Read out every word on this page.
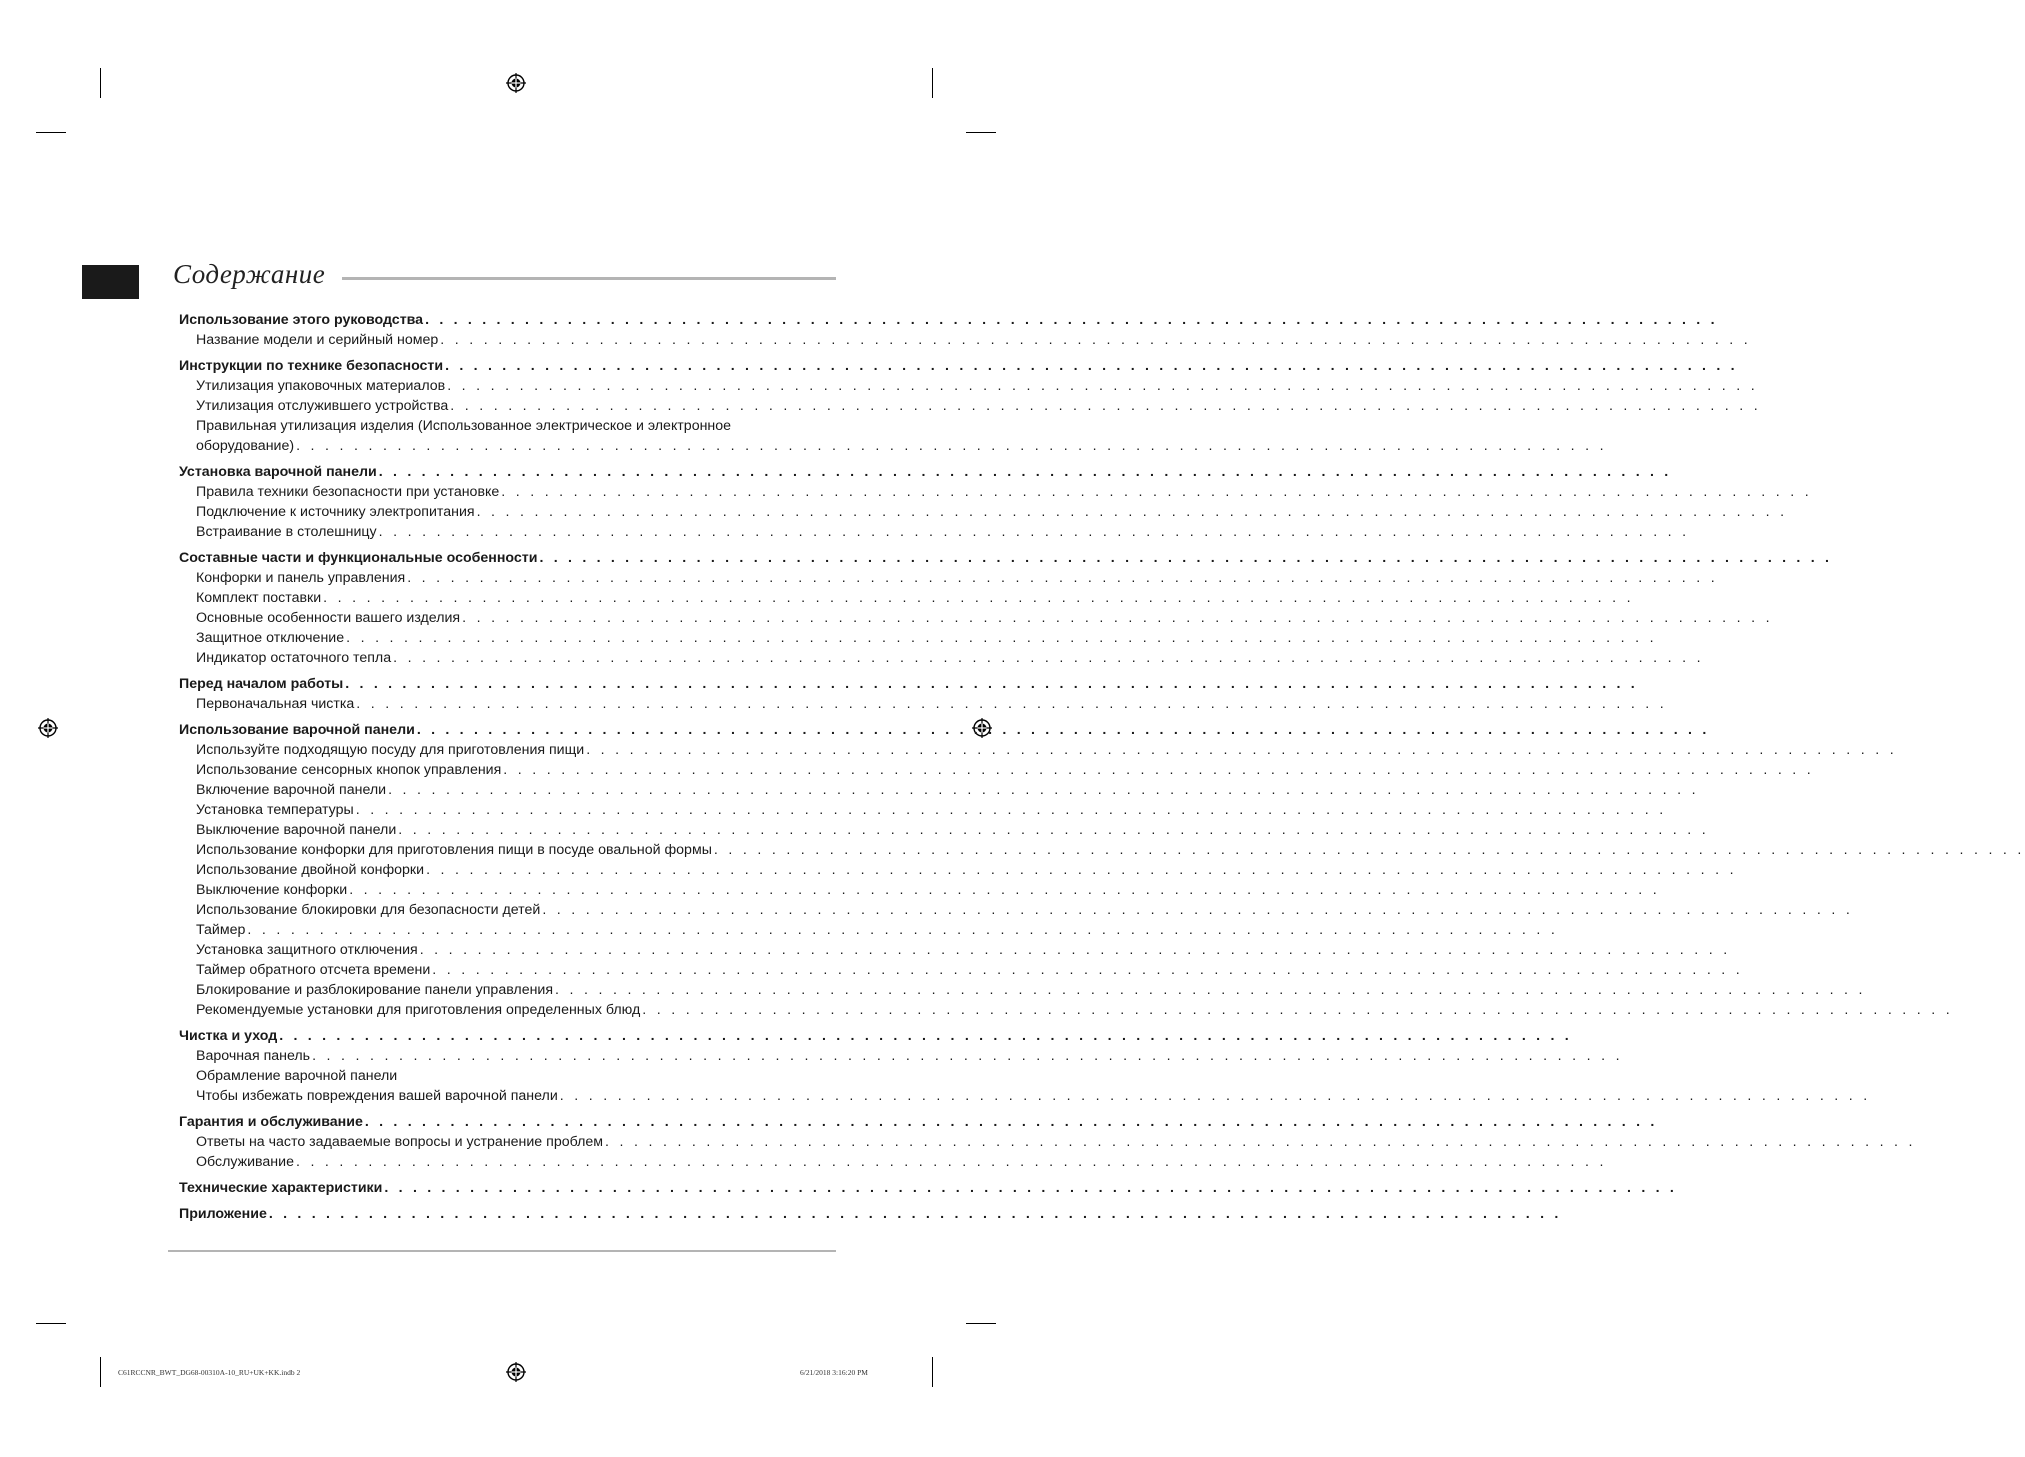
Содержание
Использование этого руководства . . . . . . . . . . . . . . . . . . . . . . . . . . . . . . . . . . . . . . . . . . . . . . . . . . . . . . . . . . . . . . . . . . . . . . . . . . . . . . . . . . . . . . . . . . .
Название модели и серийный номер . . . . . . . . . . . . . . . . . . . . . . . . . . . . . . . . . . . . . . . . . . . . . . . . . . . . . . . . . . . . . . . . . . . . . . . . . . . . . . . . . . . . . . . . . . .
Инструкции по технике безопасности . . . . . . . . . . . . . . . . . . . . . . . . . . . . . . . . . . . . . . . . . . . . . . . . . . . . . . . . . . . . . . . . . . . . . . . . . . . . . . . . . . . . . . . . . . .
Утилизация упаковочных материалов . . . . . . . . . . . . . . . . . . . . . . . . . . . . . . . . . . . . . . . . . . . . . . . . . . . . . . . . . . . . . . . . . . . . . . . . . . . . . . . . . . . . . . . . . . .
Утилизация отслужившего устройства . . . . . . . . . . . . . . . . . . . . . . . . . . . . . . . . . . . . . . . . . . . . . . . . . . . . . . . . . . . . . . . . . . . . . . . . . . . . . . . . . . . . . . . . . . .
Правильная утилизация изделия (Использованное электрическое и электронное
оборудование) . . . . . . . . . . . . . . . . . . . . . . . . . . . . . . . . . . . . . . . . . . . . . . . . . . . . . . . . . . . . . . . . . . . . . . . . . . . . . . . . . . . . . . . . . . .
Установка варочной панели . . . . . . . . . . . . . . . . . . . . . . . . . . . . . . . . . . . . . . . . . . . . . . . . . . . . . . . . . . . . . . . . . . . . . . . . . . . . . . . . . . . . . . . . . . .
Правила техники безопасности при установке . . . . . . . . . . . . . . . . . . . . . . . . . . . . . . . . . . . . . . . . . . . . . . . . . . . . . . . . . . . . . . . . . . . . . . . . . . . . . . . . . . . . . . . . . . .
Подключение к источнику электропитания . . . . . . . . . . . . . . . . . . . . . . . . . . . . . . . . . . . . . . . . . . . . . . . . . . . . . . . . . . . . . . . . . . . . . . . . . . . . . . . . . . . . . . . . . . .
Встраивание в столешницу . . . . . . . . . . . . . . . . . . . . . . . . . . . . . . . . . . . . . . . . . . . . . . . . . . . . . . . . . . . . . . . . . . . . . . . . . . . . . . . . . . . . . . . . . . .
Составные части и функциональные особенности . . . . . . . . . . . . . . . . . . . . . . . . . . . . . . . . . . . . . . . . . . . . . . . . . . . . . . . . . . . . . . . . . . . . . . . . . . . . . . . . . . . . . . . . . . .
Конфорки и панель управления . . . . . . . . . . . . . . . . . . . . . . . . . . . . . . . . . . . . . . . . . . . . . . . . . . . . . . . . . . . . . . . . . . . . . . . . . . . . . . . . . . . . . . . . . . .
Комплект поставки . . . . . . . . . . . . . . . . . . . . . . . . . . . . . . . . . . . . . . . . . . . . . . . . . . . . . . . . . . . . . . . . . . . . . . . . . . . . . . . . . . . . . . . . . . .
Основные особенности вашего изделия . . . . . . . . . . . . . . . . . . . . . . . . . . . . . . . . . . . . . . . . . . . . . . . . . . . . . . . . . . . . . . . . . . . . . . . . . . . . . . . . . . . . . . . . . . .
Защитное отключение . . . . . . . . . . . . . . . . . . . . . . . . . . . . . . . . . . . . . . . . . . . . . . . . . . . . . . . . . . . . . . . . . . . . . . . . . . . . . . . . . . . . . . . . . . .
Индикатор остаточного тепла . . . . . . . . . . . . . . . . . . . . . . . . . . . . . . . . . . . . . . . . . . . . . . . . . . . . . . . . . . . . . . . . . . . . . . . . . . . . . . . . . . . . . . . . . . .
Перед началом работы . . . . . . . . . . . . . . . . . . . . . . . . . . . . . . . . . . . . . . . . . . . . . . . . . . . . . . . . . . . . . . . . . . . . . . . . . . . . . . . . . . . . . . . . . . .
Первоначальная чистка . . . . . . . . . . . . . . . . . . . . . . . . . . . . . . . . . . . . . . . . . . . . . . . . . . . . . . . . . . . . . . . . . . . . . . . . . . . . . . . . . . . . . . . . . . .
Использование варочной панели . . . . . . . . . . . . . . . . . . . . . . . . . . . . . . . . . . . . . . . . . . . . . . . . . . . . . . . . . . . . . . . . . . . . . . . . . . . . . . . . . . . . . . . . . . .
Используйте подходящую посуду для приготовления пищи . . . . . . . . . . . . . . . . . . . . . . . . . . . . . . . . . . . . . . . . . . . . . . . . . . . . . . . . . . . . . . . . . . . . . . . . . . . . . . . . . . . . . . . . . . .
Использование сенсорных кнопок управления . . . . . . . . . . . . . . . . . . . . . . . . . . . . . . . . . . . . . . . . . . . . . . . . . . . . . . . . . . . . . . . . . . . . . . . . . . . . . . . . . . . . . . . . . . .
Включение варочной панели . . . . . . . . . . . . . . . . . . . . . . . . . . . . . . . . . . . . . . . . . . . . . . . . . . . . . . . . . . . . . . . . . . . . . . . . . . . . . . . . . . . . . . . . . . .
Установка температуры . . . . . . . . . . . . . . . . . . . . . . . . . . . . . . . . . . . . . . . . . . . . . . . . . . . . . . . . . . . . . . . . . . . . . . . . . . . . . . . . . . . . . . . . . . .
Выключение варочной панели . . . . . . . . . . . . . . . . . . . . . . . . . . . . . . . . . . . . . . . . . . . . . . . . . . . . . . . . . . . . . . . . . . . . . . . . . . . . . . . . . . . . . . . . . . .
Использование конфорки для приготовления пищи в посуде овальной формы . . . . . . . . . . . . . . . . . . . . . . . . . . . . . . . . . . . . . . . . . . . . . . . . . . . . . . . . . . . . . . . . . . . . . . . . . . . . . . . . . . . . . . . . . . .
Использование двойной конфорки . . . . . . . . . . . . . . . . . . . . . . . . . . . . . . . . . . . . . . . . . . . . . . . . . . . . . . . . . . . . . . . . . . . . . . . . . . . . . . . . . . . . . . . . . . .
Выключение конфорки . . . . . . . . . . . . . . . . . . . . . . . . . . . . . . . . . . . . . . . . . . . . . . . . . . . . . . . . . . . . . . . . . . . . . . . . . . . . . . . . . . . . . . . . . . .
Использование блокировки для безопасности детей . . . . . . . . . . . . . . . . . . . . . . . . . . . . . . . . . . . . . . . . . . . . . . . . . . . . . . . . . . . . . . . . . . . . . . . . . . . . . . . . . . . . . . . . . . .
Таймер . . . . . . . . . . . . . . . . . . . . . . . . . . . . . . . . . . . . . . . . . . . . . . . . . . . . . . . . . . . . . . . . . . . . . . . . . . . . . . . . . . . . . . . . . . .
Установка защитного отключения . . . . . . . . . . . . . . . . . . . . . . . . . . . . . . . . . . . . . . . . . . . . . . . . . . . . . . . . . . . . . . . . . . . . . . . . . . . . . . . . . . . . . . . . . . .
Таймер обратного отсчета времени . . . . . . . . . . . . . . . . . . . . . . . . . . . . . . . . . . . . . . . . . . . . . . . . . . . . . . . . . . . . . . . . . . . . . . . . . . . . . . . . . . . . . . . . . . .
Блокирование и разблокирование панели управления . . . . . . . . . . . . . . . . . . . . . . . . . . . . . . . . . . . . . . . . . . . . . . . . . . . . . . . . . . . . . . . . . . . . . . . . . . . . . . . . . . . . . . . . . . .
Рекомендуемые установки для приготовления определенных блюд . . . . . . . . . . . . . . . . . . . . . . . . . . . . . . . . . . . . . . . . . . . . . . . . . . . . . . . . . . . . . . . . . . . . . . . . . . . . . . . . . . . . . . . . . . .
Чистка и уход . . . . . . . . . . . . . . . . . . . . . . . . . . . . . . . . . . . . . . . . . . . . . . . . . . . . . . . . . . . . . . . . . . . . . . . . . . . . . . . . . . . . . . . . . . .
Варочная панель . . . . . . . . . . . . . . . . . . . . . . . . . . . . . . . . . . . . . . . . . . . . . . . . . . . . . . . . . . . . . . . . . . . . . . . . . . . . . . . . . . . . . . . . . . .
Обрамление варочной панели
Чтобы избежать повреждения вашей варочной панели . . . . . . . . . . . . . . . . . . . . . . . . . . . . . . . . . . . . . . . . . . . . . . . . . . . . . . . . . . . . . . . . . . . . . . . . . . . . . . . . . . . . . . . . . . .
Гарантия и обслуживание . . . . . . . . . . . . . . . . . . . . . . . . . . . . . . . . . . . . . . . . . . . . . . . . . . . . . . . . . . . . . . . . . . . . . . . . . . . . . . . . . . . . . . . . . . .
Ответы на часто задаваемые вопросы и устранение проблем . . . . . . . . . . . . . . . . . . . . . . . . . . . . . . . . . . . . . . . . . . . . . . . . . . . . . . . . . . . . . . . . . . . . . . . . . . . . . . . . . . . . . . . . . . .
Обслуживание . . . . . . . . . . . . . . . . . . . . . . . . . . . . . . . . . . . . . . . . . . . . . . . . . . . . . . . . . . . . . . . . . . . . . . . . . . . . . . . . . . . . . . . . . . .
Технические характеристики . . . . . . . . . . . . . . . . . . . . . . . . . . . . . . . . . . . . . . . . . . . . . . . . . . . . . . . . . . . . . . . . . . . . . . . . . . . . . . . . . . . . . . . . . . .
Приложение . . . . . . . . . . . . . . . . . . . . . . . . . . . . . . . . . . . . . . . . . . . . . . . . . . . . . . . . . . . . . . . . . . . . . . . . . . . . . . . . . . . . . . . . . . .
C61RCCNR_BWT_DG68-00310A-10_RU+UK+KK.indb 2	6/21/2018 3:16:20 PM
